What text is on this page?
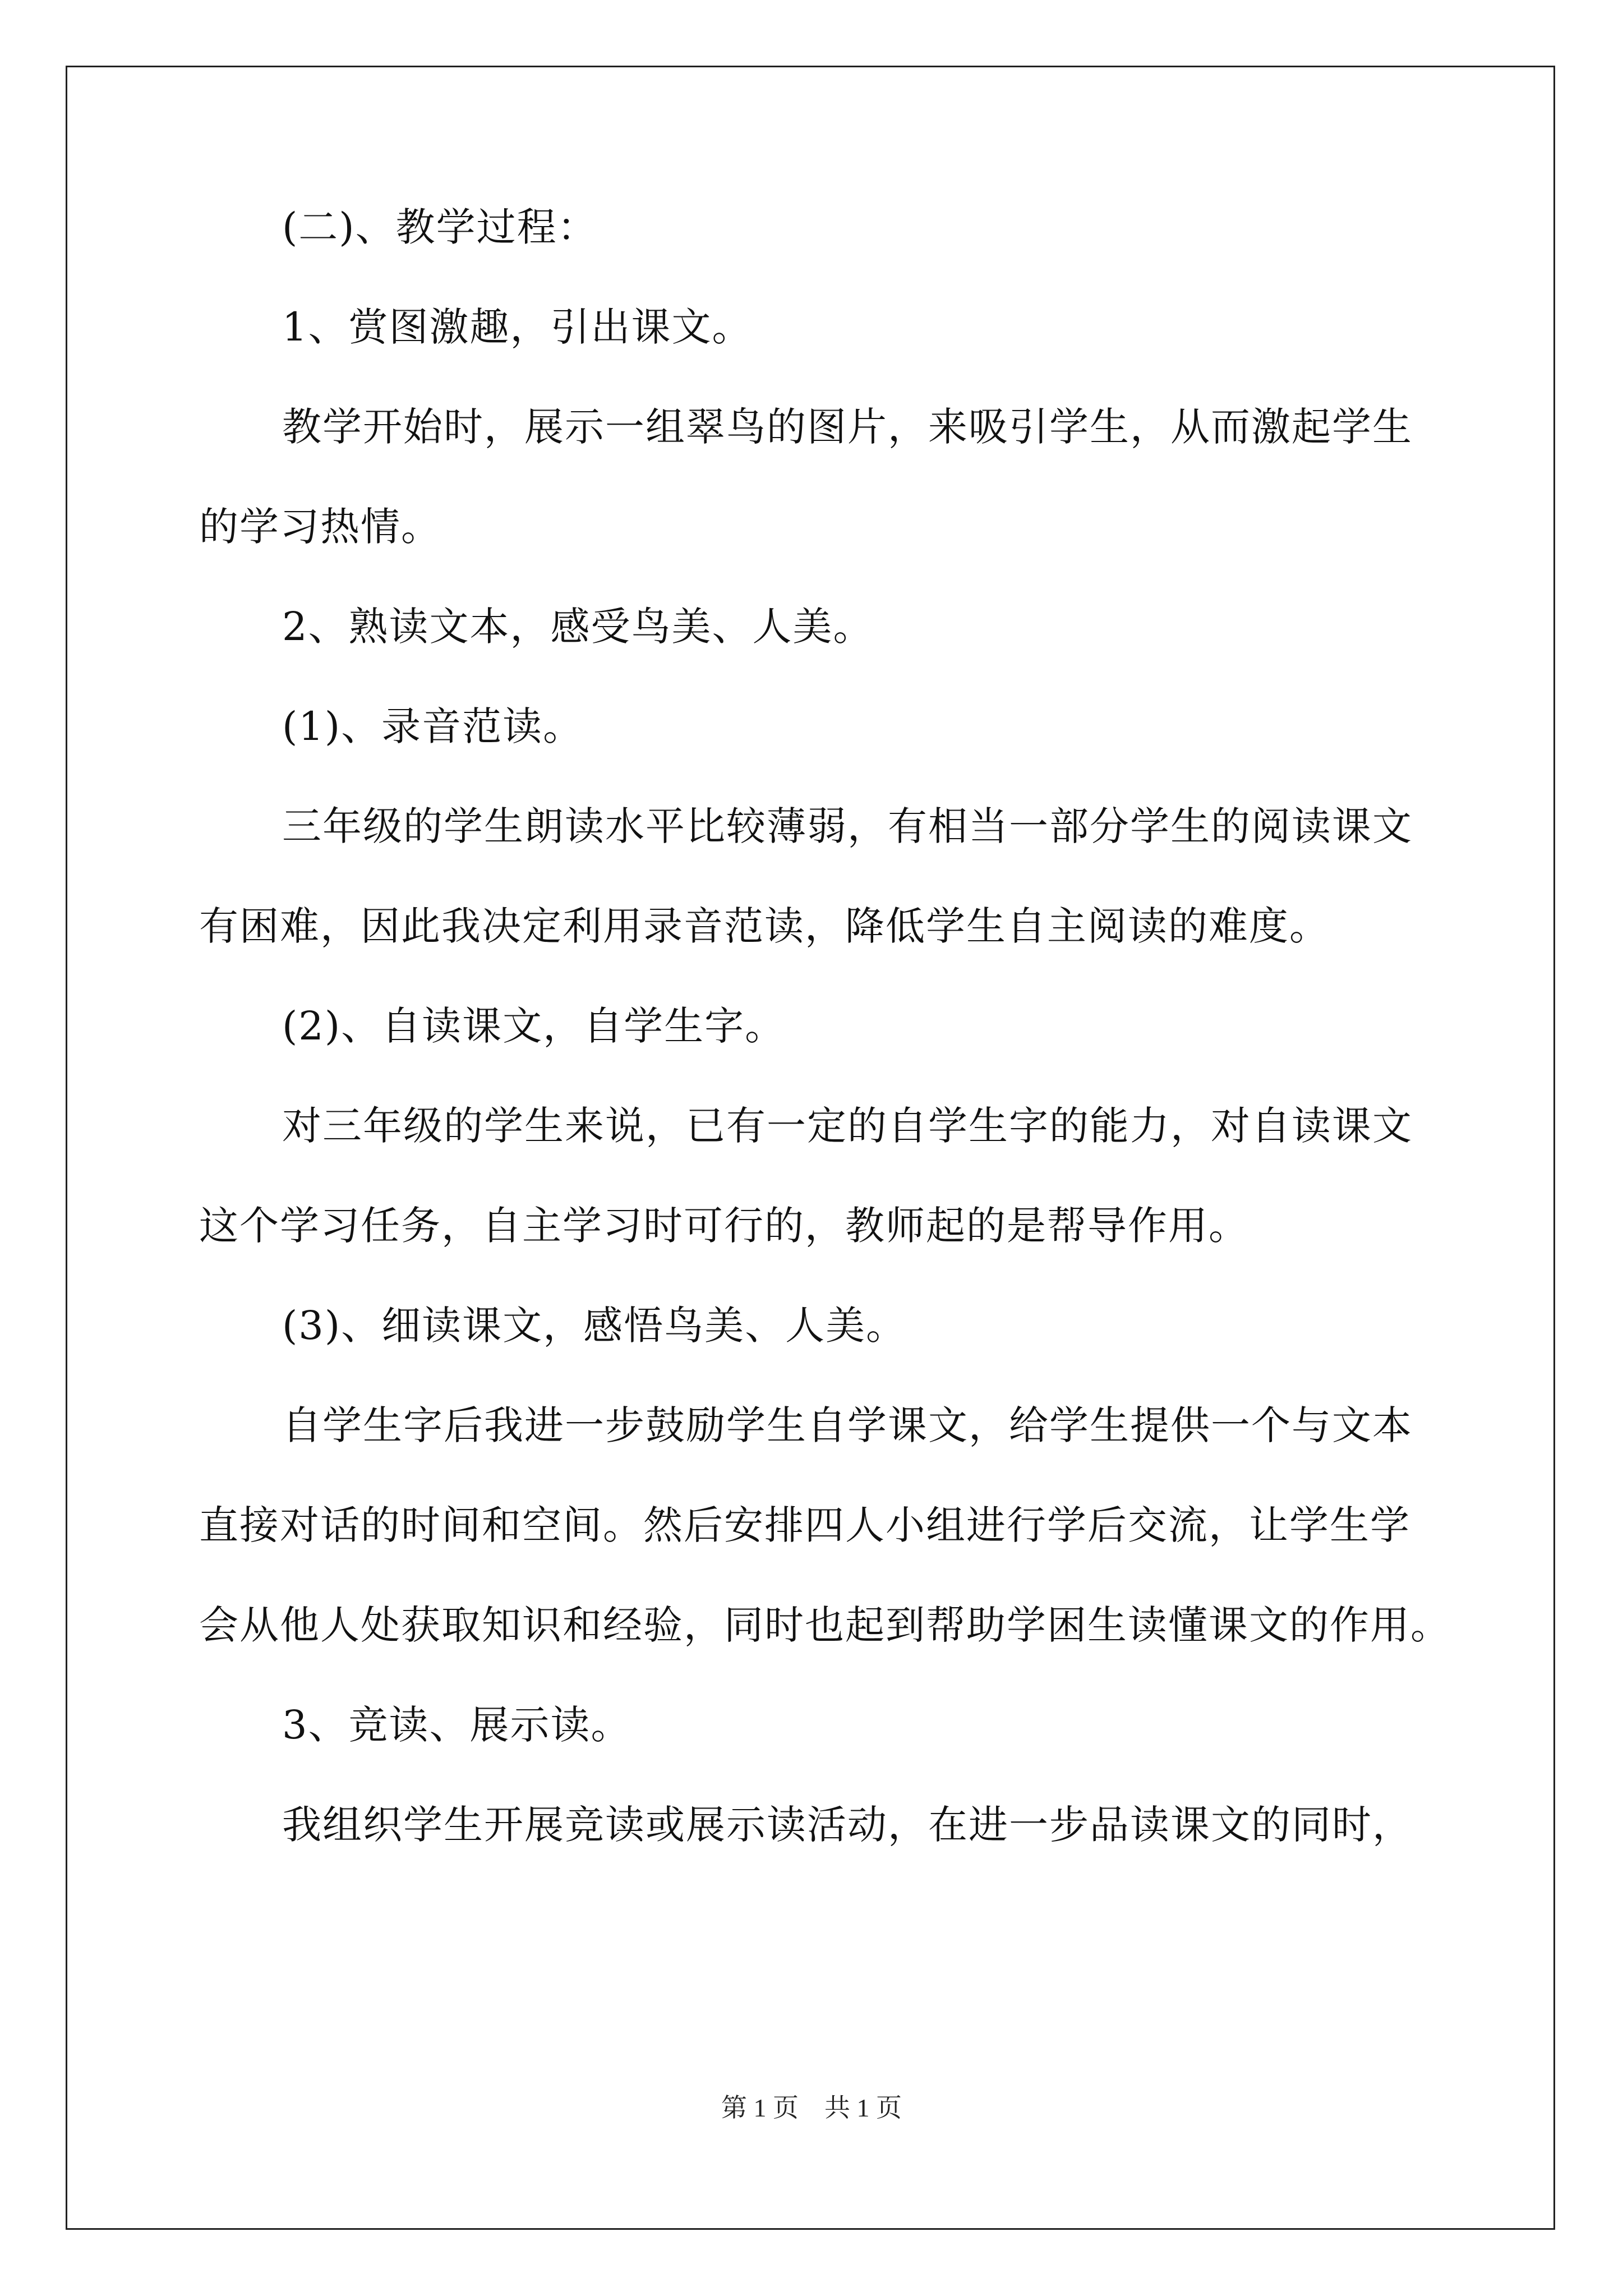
(二)、教学过程：
1、赏图激趣，引出课文。
教学开始时，展示一组翠鸟的图片，来吸引学生，从而激起学生
的学习热情。
2、熟读文本，感受鸟美、人美。
(1)、录音范读。
三年级的学生朗读水平比较薄弱，有相当一部分学生的阅读课文
有困难，因此我决定利用录音范读，降低学生自主阅读的难度。
(2)、自读课文，自学生字。
对三年级的学生来说，已有一定的自学生字的能力，对自读课文
这个学习任务，自主学习时可行的，教师起的是帮导作用。
(3)、细读课文，感悟鸟美、人美。
自学生字后我进一步鼓励学生自学课文，给学生提供一个与文本
直接对话的时间和空间。然后安排四人小组进行学后交流，让学生学
会从他人处获取知识和经验，同时也起到帮助学困生读懂课文的作用。
3、竞读、展示读。
我组织学生开展竞读或展示读活动，在进一步品读课文的同时，
第 1 页　共 1 页
